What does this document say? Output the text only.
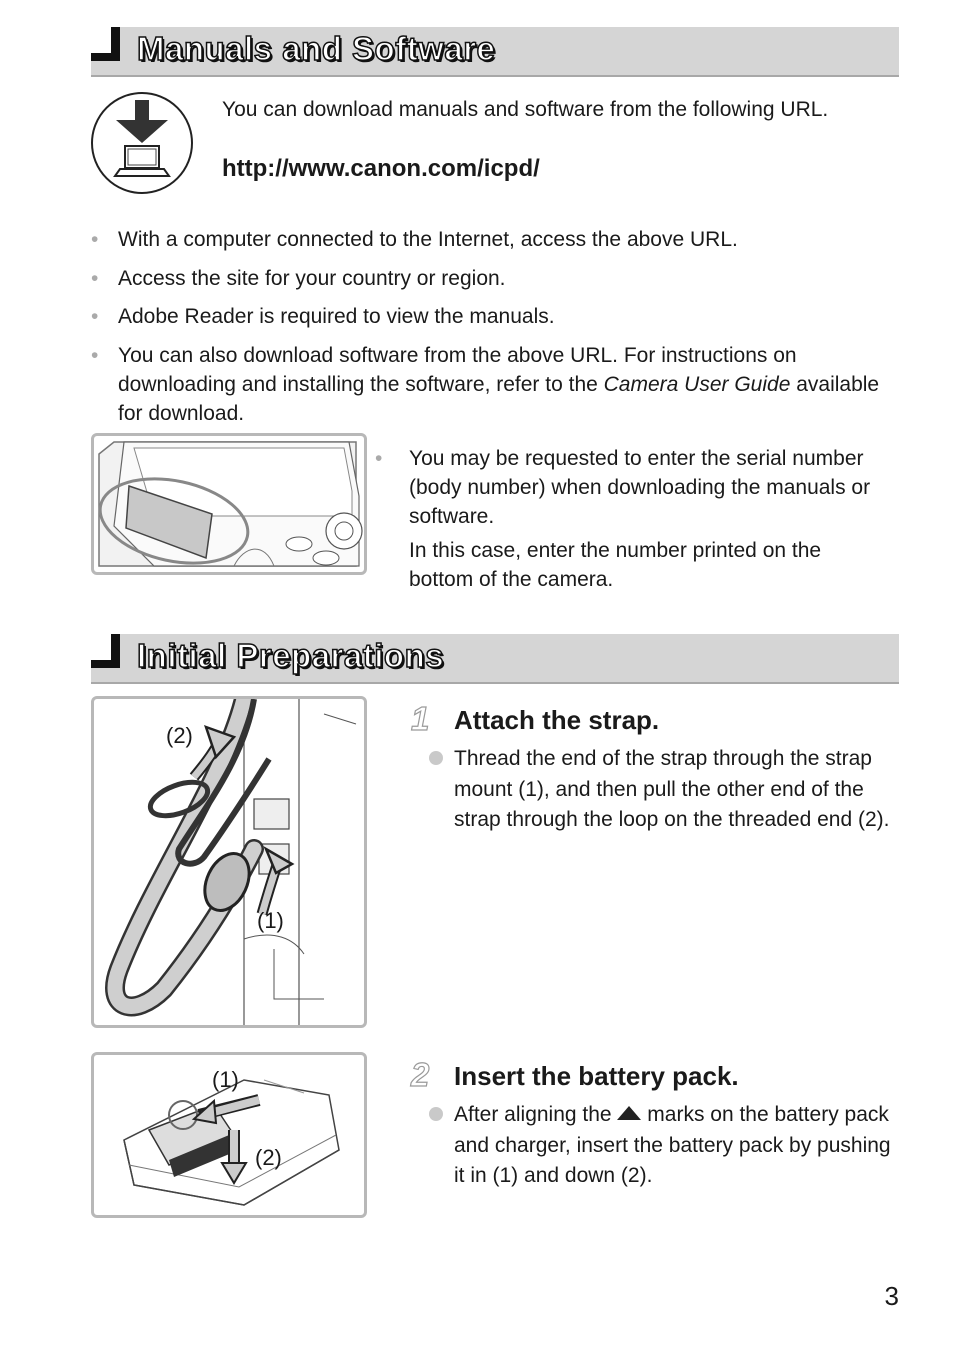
Manuals and Software
You can download manuals and software from the following URL.
http://www.canon.com/icpd/
• With a computer connected to the Internet, access the above URL.
• Access the site for your country or region.
• Adobe Reader is required to view the manuals.
• You can also download software from the above URL. For instructions on downloading and installing the software, refer to the Camera User Guide available for download.
• You may be requested to enter the serial number (body number) when downloading the manuals or software.
In this case, enter the number printed on the bottom of the camera.
Initial Preparations
(2)
(1)
1 Attach the strap.
Thread the end of the strap through the strap mount (1), and then pull the other end of the strap through the loop on the threaded end (2).
(1)
(2)
2 Insert the battery pack.
After aligning the  marks on the battery pack and charger, insert the battery pack by pushing it in (1) and down (2).
3
